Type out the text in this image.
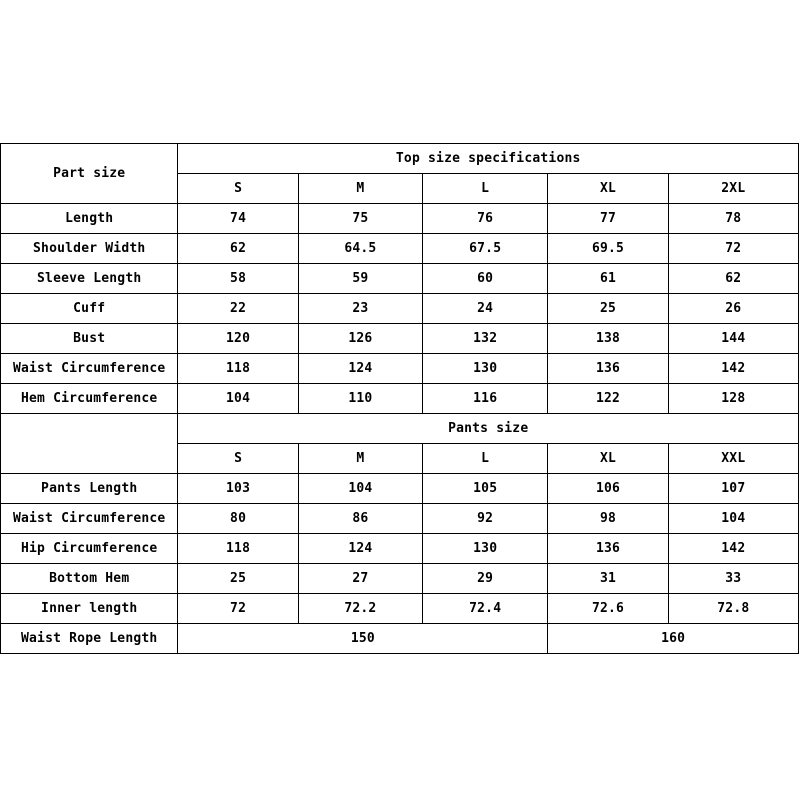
Part size	Top size specifications				
	S	M	L	XL	2XL
Length	74	75	76	77	78
Shoulder Width	62	64.5	67.5	69.5	72
Sleeve Length	58	59	60	61	62
Cuff	22	23	24	25	26
Bust	120	126	132	138	144
Waist Circumference	118	124	130	136	142
Hem Circumference	104	110	116	122	128
	Pants size				
	S	M	L	XL	XXL
Pants Length	103	104	105	106	107
Waist Circumference	80	86	92	98	104
Hip Circumference	118	124	130	136	142
Bottom Hem	25	27	29	31	33
Inner length	72	72.2	72.4	72.6	72.8
Waist Rope Length	150			160	
